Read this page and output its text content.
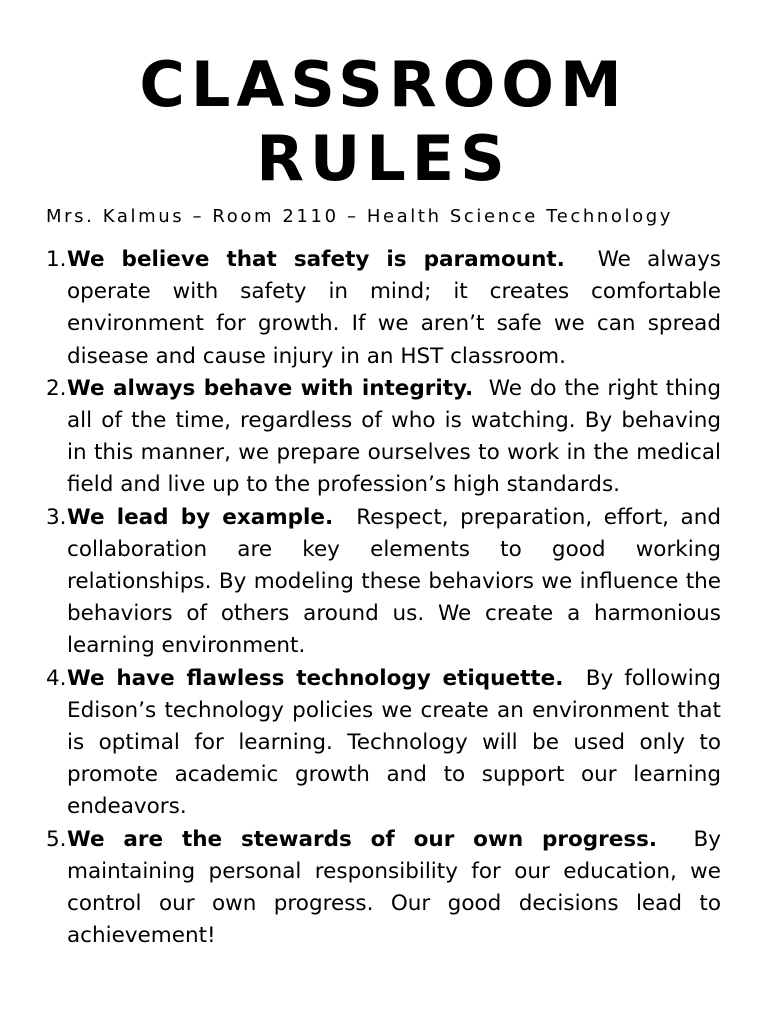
CLASSROOM
RULES
Mrs. Kalmus – Room 2110 – Health Science Technology
1. We believe that safety is paramount. We always operate with safety in mind; it creates comfortable environment for growth. If we aren’t safe we can spread disease and cause injury in an HST classroom.
2. We always behave with integrity. We do the right thing all of the time, regardless of who is watching. By behaving in this manner, we prepare ourselves to work in the medical field and live up to the profession’s high standards.
3. We lead by example. Respect, preparation, effort, and collaboration are key elements to good working relationships. By modeling these behaviors we influence the behaviors of others around us. We create a harmonious learning environment.
4. We have flawless technology etiquette. By following Edison’s technology policies we create an environment that is optimal for learning. Technology will be used only to promote academic growth and to support our learning endeavors.
5. We are the stewards of our own progress. By maintaining personal responsibility for our education, we control our own progress. Our good decisions lead to achievement!
